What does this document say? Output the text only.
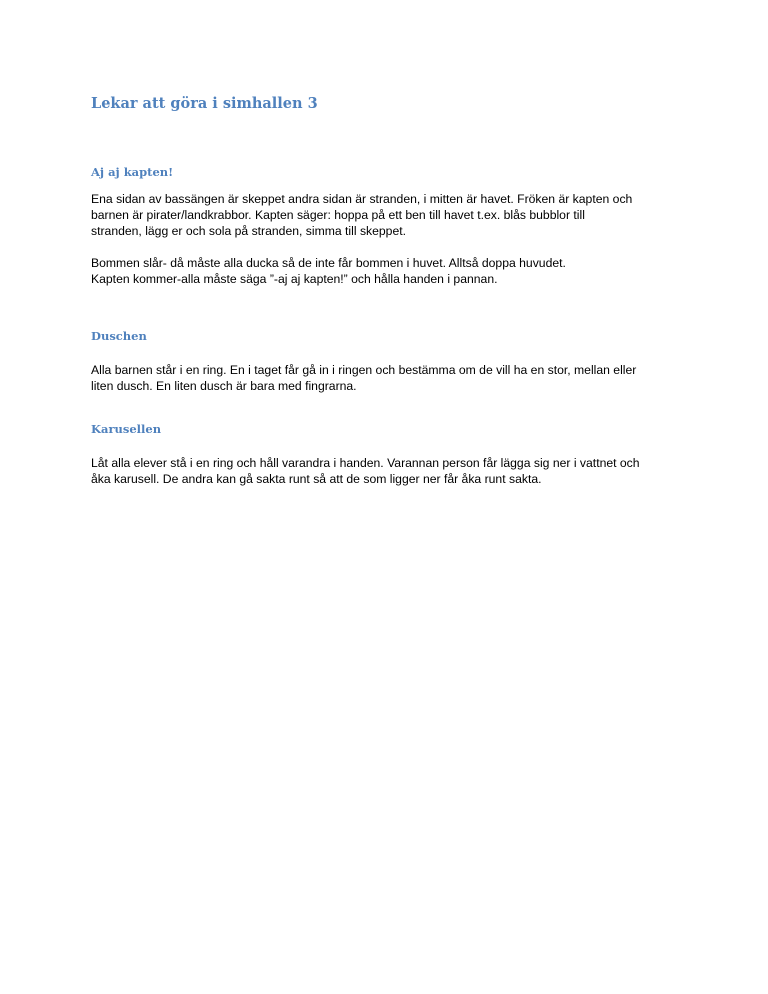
Lekar att göra i simhallen 3
Aj aj kapten!

Ena sidan av bassängen är skeppet andra sidan är stranden, i mitten är havet. Fröken är kapten och
barnen är pirater/landkrabbor. Kapten säger: hoppa på ett ben till havet t.ex. blås bubblor till
stranden, lägg er och sola på stranden, simma till skeppet.

Bommen slår- då måste alla ducka så de inte får bommen i huvet. Alltså doppa huvudet.
Kapten kommer-alla måste säga ”-aj aj kapten!” och hålla handen i pannan.

Duschen

Alla barnen står i en ring. En i taget får gå in i ringen och bestämma om de vill ha en stor, mellan eller
liten dusch. En liten dusch är bara med fingrarna.

Karusellen

Låt alla elever stå i en ring och håll varandra i handen. Varannan person får lägga sig ner i vattnet och
åka karusell. De andra kan gå sakta runt så att de som ligger ner får åka runt sakta.
